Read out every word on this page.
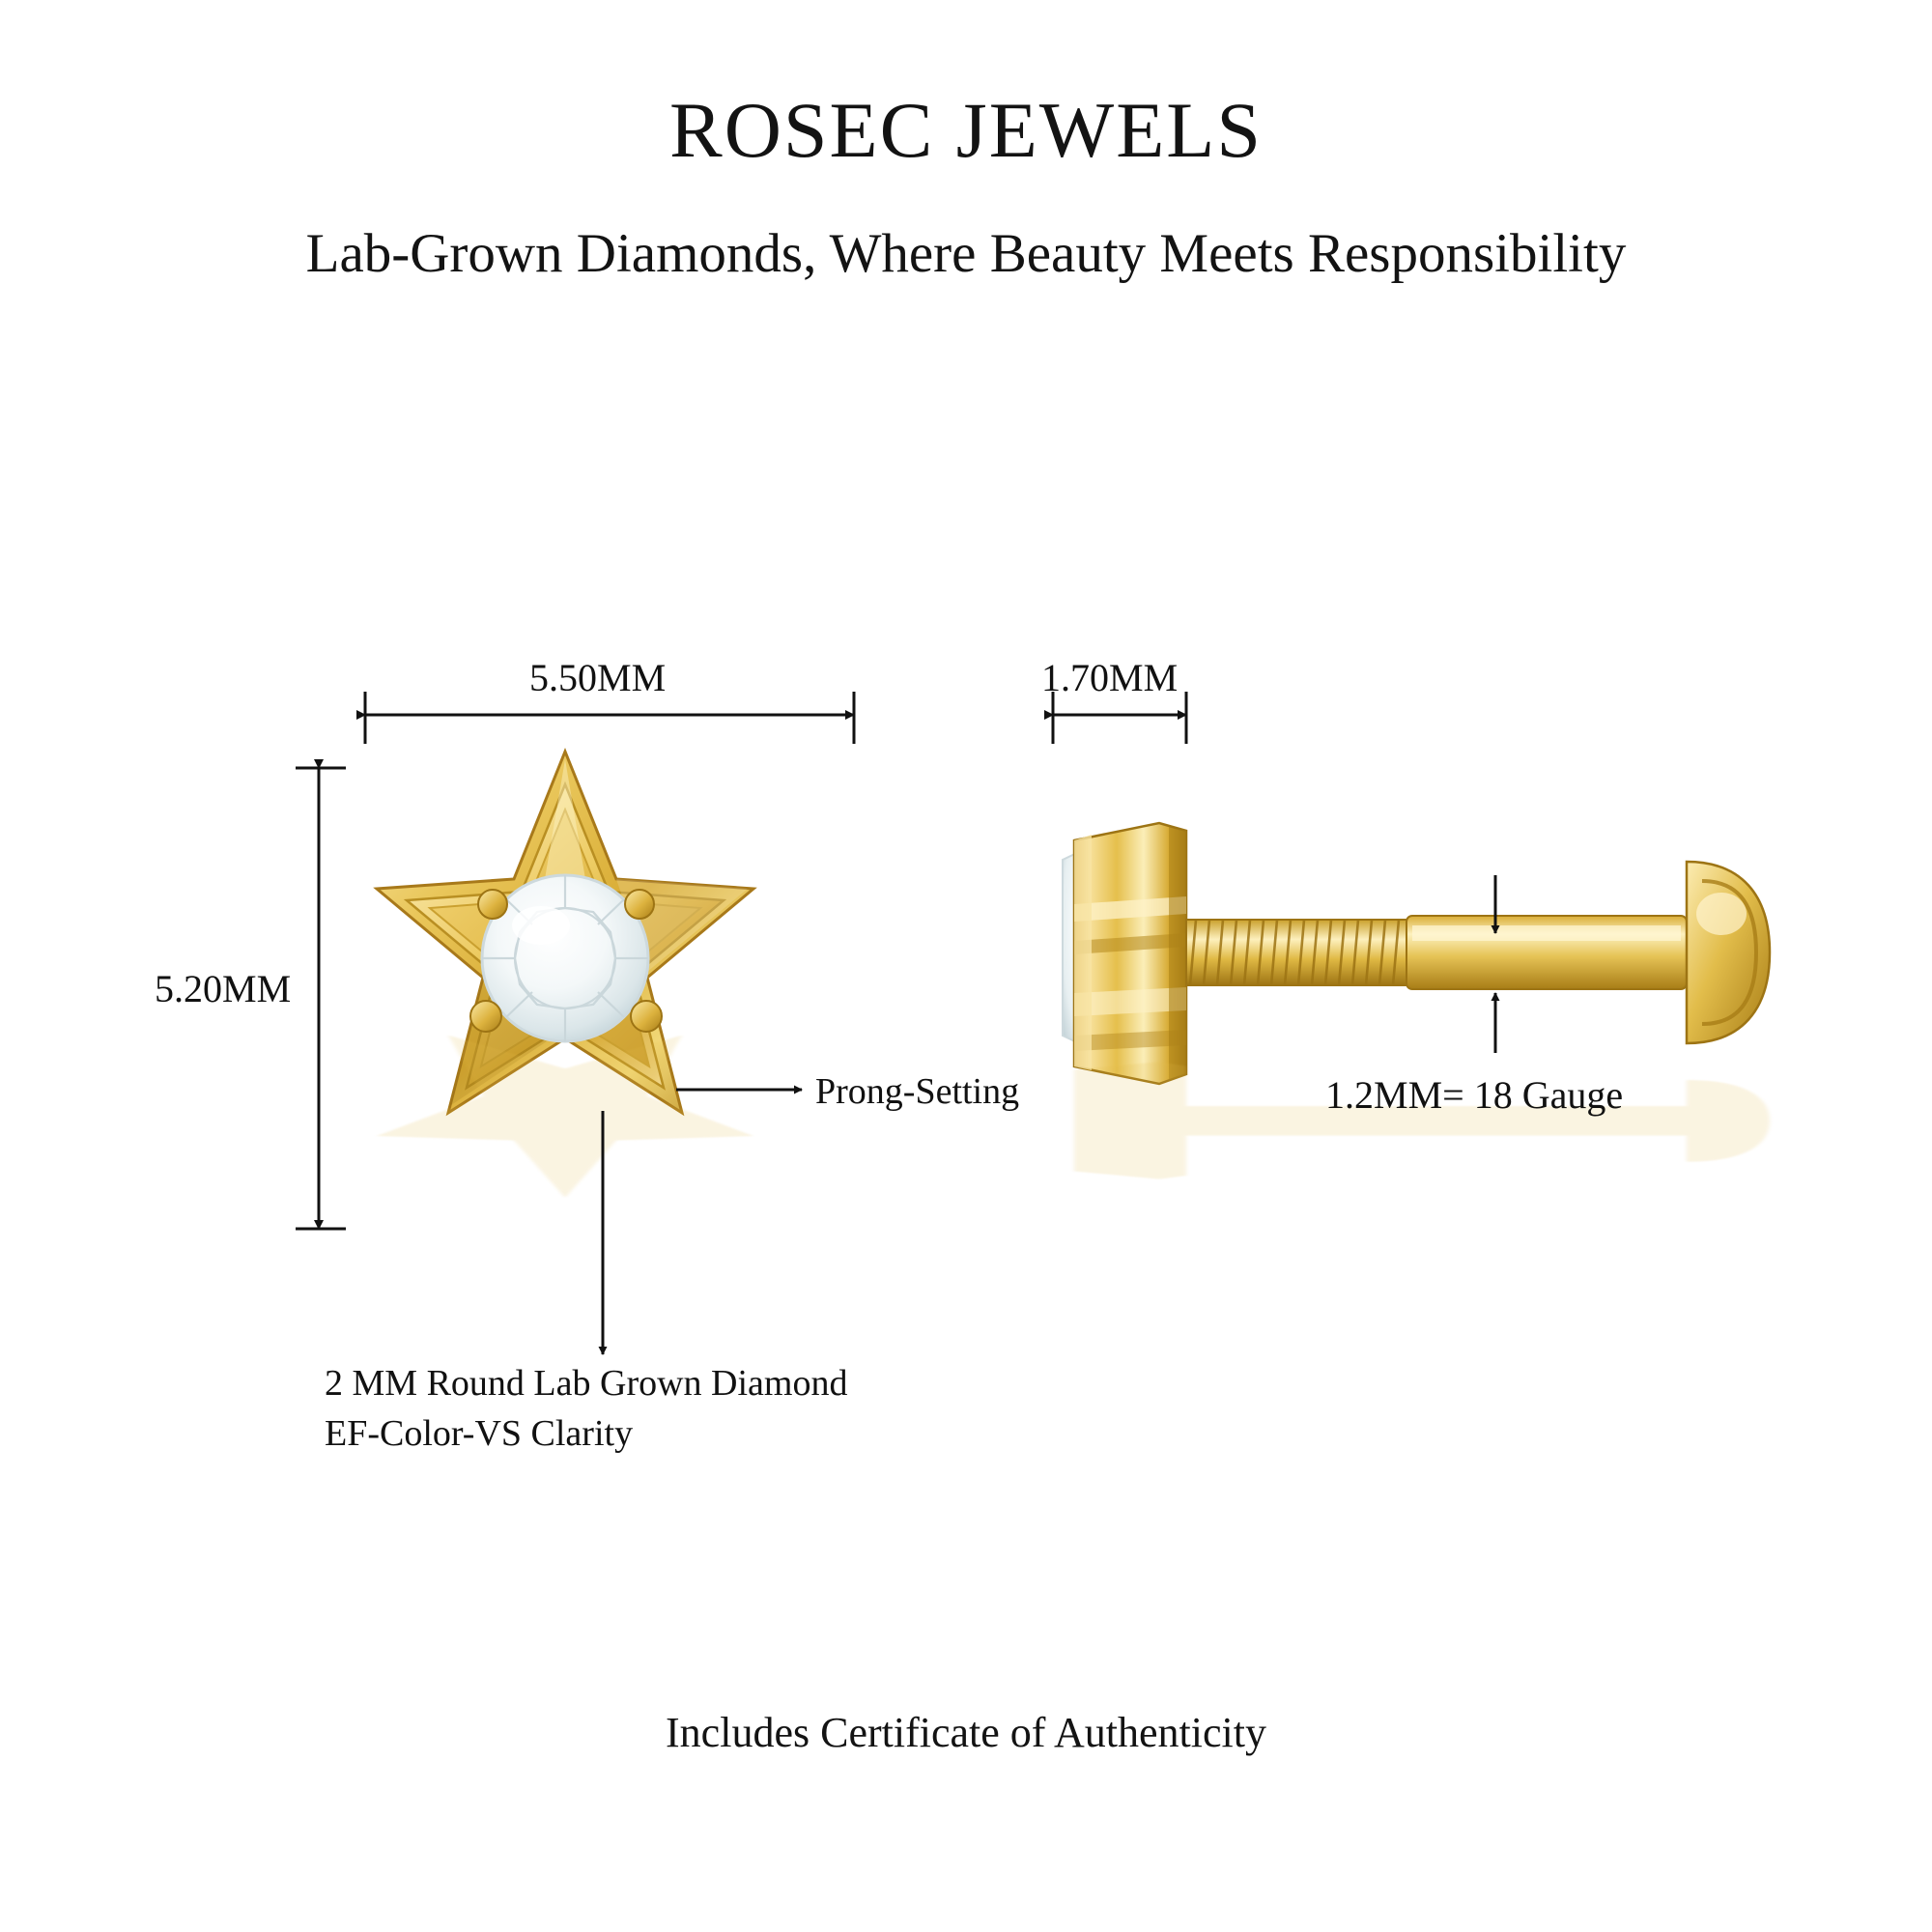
ROSEC JEWELS
Lab-Grown Diamonds, Where Beauty Meets Responsibility
5.50MM
5.20MM
1.70MM
1.2MM= 18 Gauge
Prong-Setting
2 MM Round Lab Grown Diamond
EF-Color-VS Clarity
Includes Certificate of Authenticity
